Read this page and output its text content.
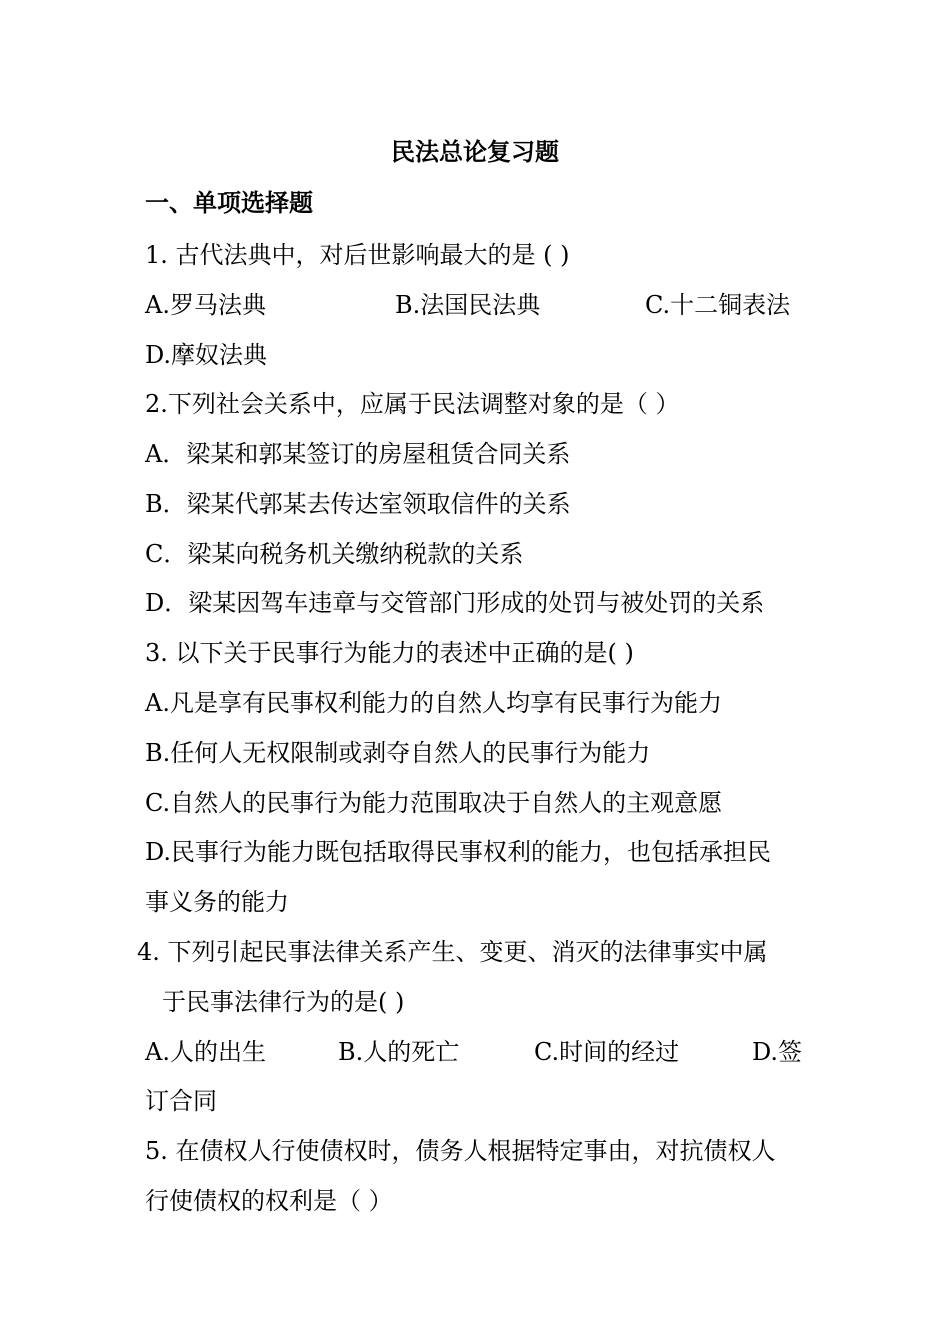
民法总论复习题
一、单项选择题
1. 古代法典中，对后世影响最大的是 ( )
A.罗马法典	B.法国民法典	C.十二铜表法
D.摩奴法典
2.下列社会关系中，应属于民法调整对象的是（ ）
A．梁某和郭某签订的房屋租赁合同关系
B．梁某代郭某去传达室领取信件的关系
C．梁某向税务机关缴纳税款的关系
D．梁某因驾车违章与交管部门形成的处罚与被处罚的关系
3. 以下关于民事行为能力的表述中正确的是( )
A.凡是享有民事权利能力的自然人均享有民事行为能力
B.任何人无权限制或剥夺自然人的民事行为能力
C.自然人的民事行为能力范围取决于自然人的主观意愿
D.民事行为能力既包括取得民事权利的能力，也包括承担民
事义务的能力
4. 下列引起民事法律关系产生、变更、消灭的法律事实中属
于民事法律行为的是( )
A.人的出生	B.人的死亡	C.时间的经过	D.签
订合同
5. 在债权人行使债权时，债务人根据特定事由，对抗债权人
行使债权的权利是（ ）
